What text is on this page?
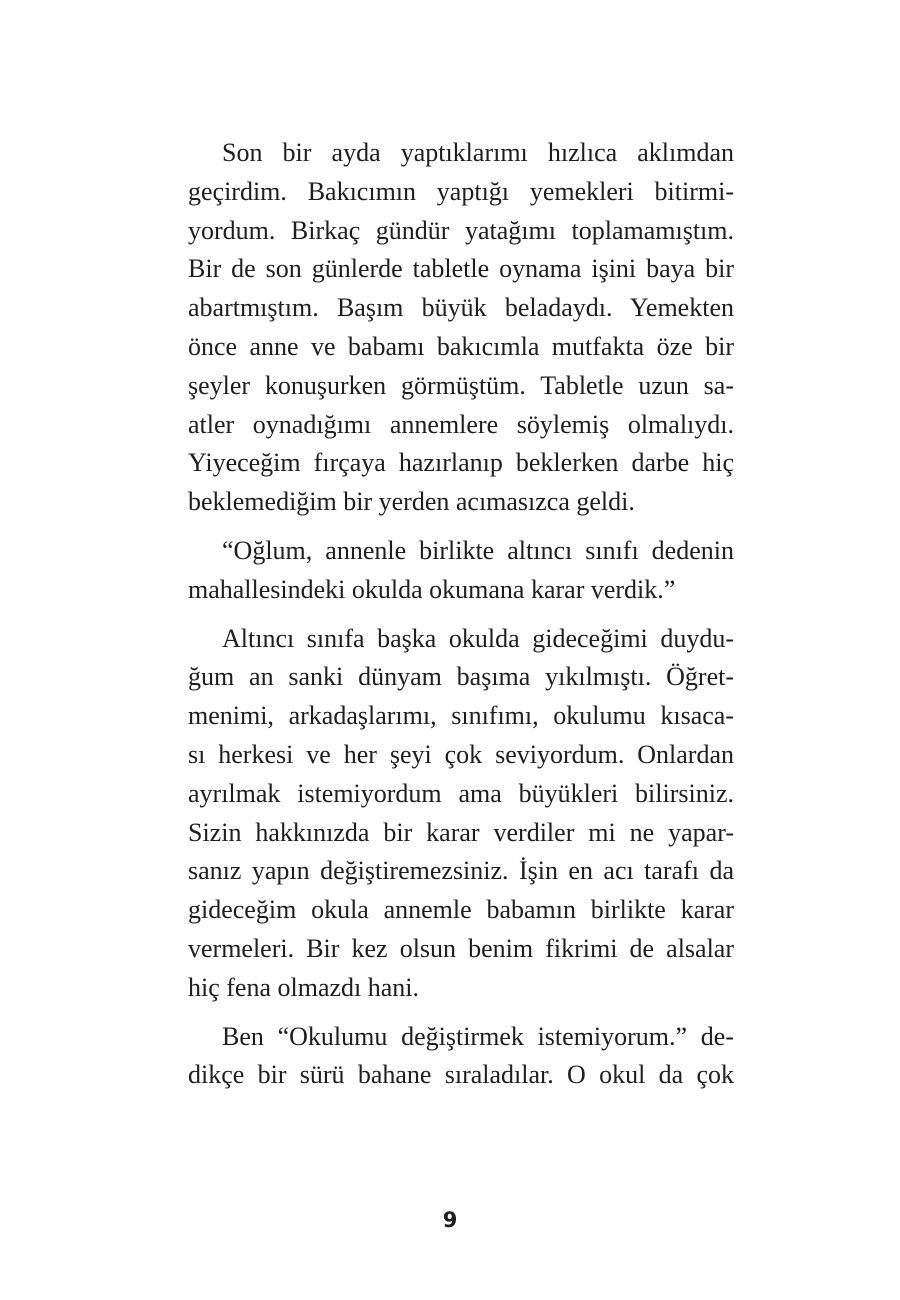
Son bir ayda yaptıklarımı hızlıca aklımdan
geçirdim. Bakıcımın yaptığı yemekleri bitirmi-
yordum. Birkaç gündür yatağımı toplamamıştım.
Bir de son günlerde tabletle oynama işini baya bir
abartmıştım. Başım büyük beladaydı. Yemekten
önce anne ve babamı bakıcımla mutfakta öze bir
şeyler konuşurken görmüştüm. Tabletle uzun sa-
atler oynadığımı annemlere söylemiş olmalıydı.
Yiyeceğim fırçaya hazırlanıp beklerken darbe hiç
beklemediğim bir yerden acımasızca geldi.
“Oğlum, annenle birlikte altıncı sınıfı dedenin
mahallesindeki okulda okumana karar verdik.”
Altıncı sınıfa başka okulda gideceğimi duydu-
ğum an sanki dünyam başıma yıkılmıştı. Öğret-
menimi, arkadaşlarımı, sınıfımı, okulumu kısaca-
sı herkesi ve her şeyi çok seviyordum. Onlardan
ayrılmak istemiyordum ama büyükleri bilirsiniz.
Sizin hakkınızda bir karar verdiler mi ne yapar-
sanız yapın değiştiremezsiniz. İşin en acı tarafı da
gideceğim okula annemle babamın birlikte karar
vermeleri. Bir kez olsun benim fikrimi de alsalar
hiç fena olmazdı hani.
Ben “Okulumu değiştirmek istemiyorum.” de-
dikçe bir sürü bahane sıraladılar. O okul da çok
9
